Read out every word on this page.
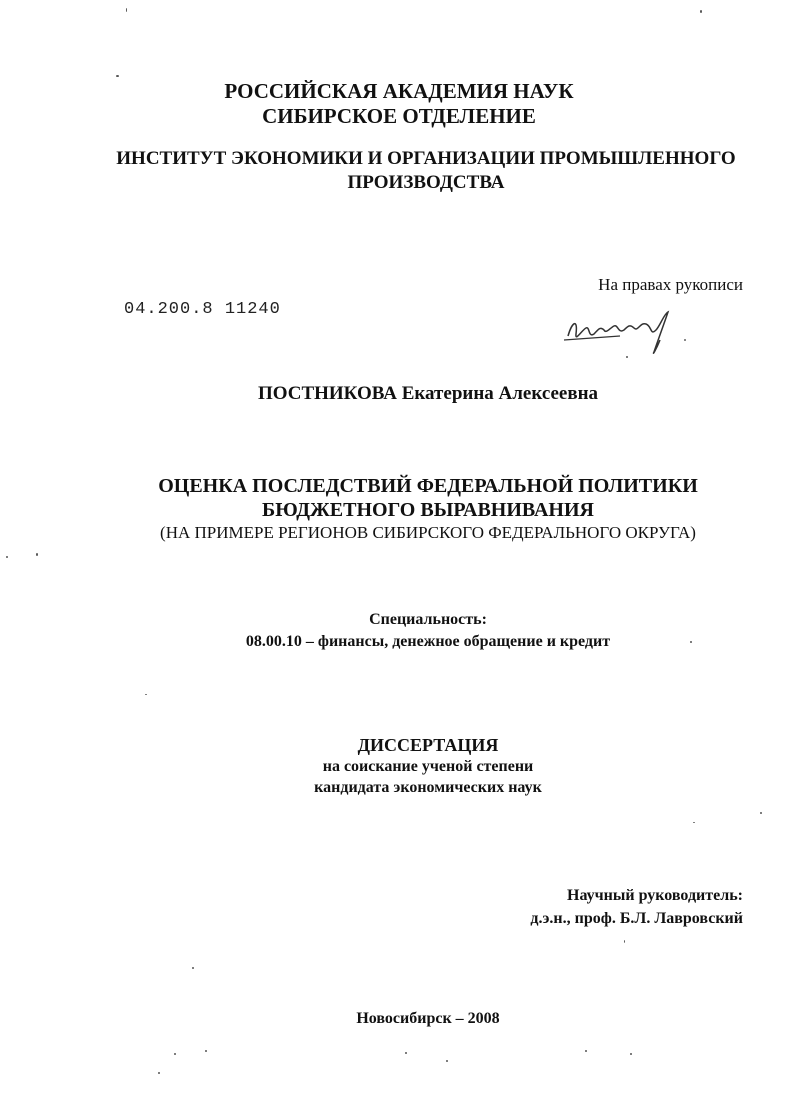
РОССИЙСКАЯ АКАДЕМИЯ НАУК
СИБИРСКОЕ ОТДЕЛЕНИЕ
ИНСТИТУТ ЭКОНОМИКИ И ОРГАНИЗАЦИИ ПРОМЫШЛЕННОГО
ПРОИЗВОДСТВА
На правах рукописи
04.200.8 11240
ПОСТНИКОВА Екатерина Алексеевна
ОЦЕНКА ПОСЛЕДСТВИЙ ФЕДЕРАЛЬНОЙ ПОЛИТИКИ
БЮДЖЕТНОГО ВЫРАВНИВАНИЯ
(НА ПРИМЕРЕ РЕГИОНОВ СИБИРСКОГО ФЕДЕРАЛЬНОГО ОКРУГА)
Специальность:
08.00.10 – финансы, денежное обращение и кредит
ДИССЕРТАЦИЯ
на соискание ученой степени
кандидата экономических наук
Научный руководитель:
д.э.н., проф. Б.Л. Лавровский
Новосибирск – 2008
